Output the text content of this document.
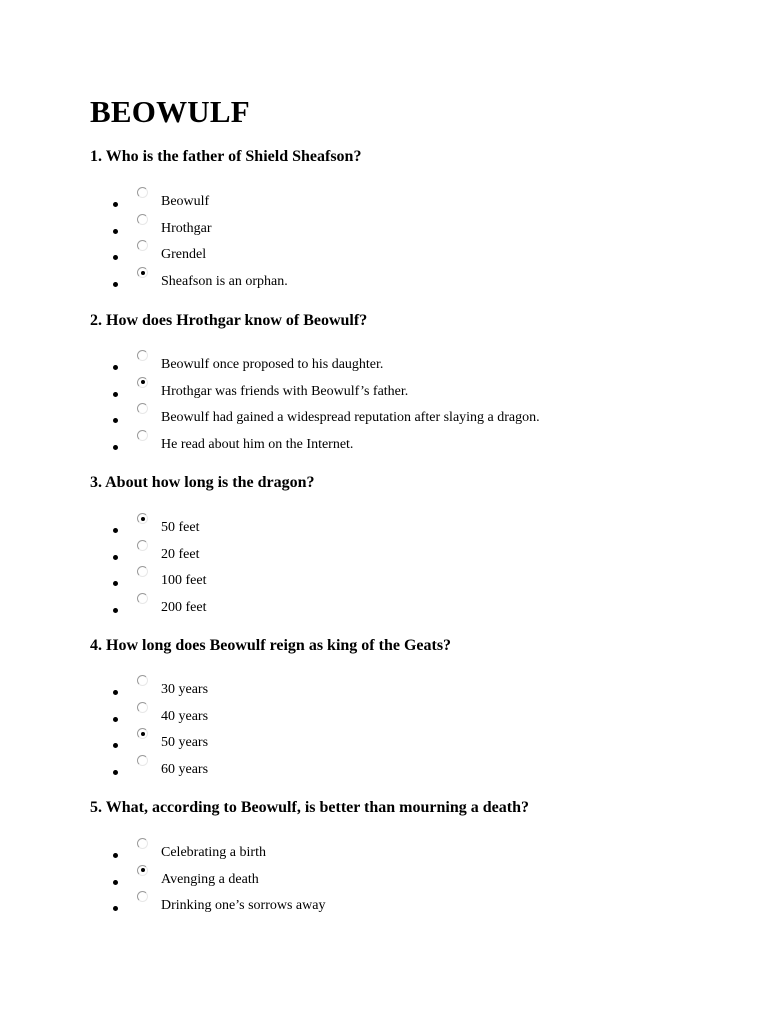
BEOWULF
1. Who is the father of Shield Sheafson?
Beowulf
Hrothgar
Grendel
Sheafson is an orphan.
2. How does Hrothgar know of Beowulf?
Beowulf once proposed to his daughter.
Hrothgar was friends with Beowulf’s father.
Beowulf had gained a widespread reputation after slaying a dragon.
He read about him on the Internet.
3. About how long is the dragon?
50 feet
20 feet
100 feet
200 feet
4. How long does Beowulf reign as king of the Geats?
30 years
40 years
50 years
60 years
5. What, according to Beowulf, is better than mourning a death?
Celebrating a birth
Avenging a death
Drinking one’s sorrows away
